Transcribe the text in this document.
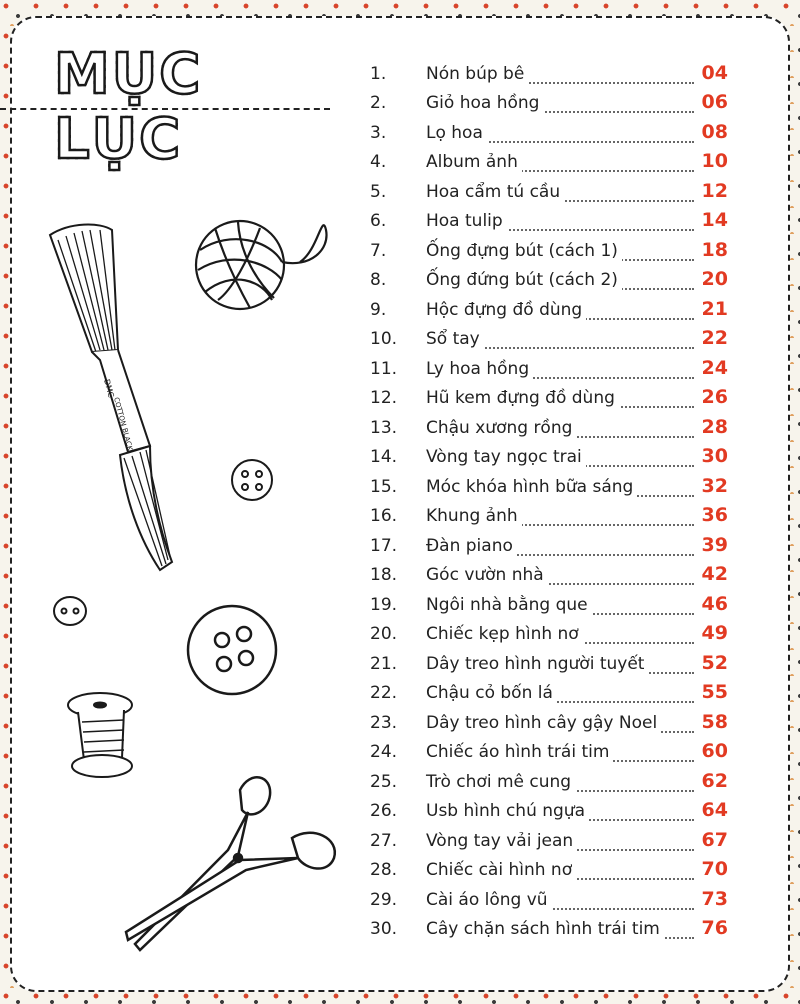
MỤC LỤC
DMC
COTTON BLACK
1.	Nón búp bê	04
2.	Giỏ hoa hồng	06
3.	Lọ hoa	08
4.	Album ảnh	10
5.	Hoa cẩm tú cầu	12
6.	Hoa tulip	14
7.	Ống đựng bút (cách 1)	18
8.	Ống đứng bút (cách 2)	20
9.	Hộc đựng đồ dùng	21
10.	Sổ tay	22
11.	Ly hoa hồng	24
12.	Hũ kem đựng đồ dùng	26
13.	Chậu xương rồng	28
14.	Vòng tay ngọc trai	30
15.	Móc khóa hình bữa sáng	32
16.	Khung ảnh	36
17.	Đàn piano	39
18.	Góc vườn nhà	42
19.	Ngôi nhà bằng que	46
20.	Chiếc kẹp hình nơ	49
21.	Dây treo hình người tuyết	52
22.	Chậu cỏ bốn lá	55
23.	Dây treo hình cây gậy Noel	58
24.	Chiếc áo hình trái tim	60
25.	Trò chơi mê cung	62
26.	Usb hình chú ngựa	64
27.	Vòng tay vải jean	67
28.	Chiếc cài hình nơ	70
29.	Cài áo lông vũ	73
30.	Cây chặn sách hình trái tim	76
